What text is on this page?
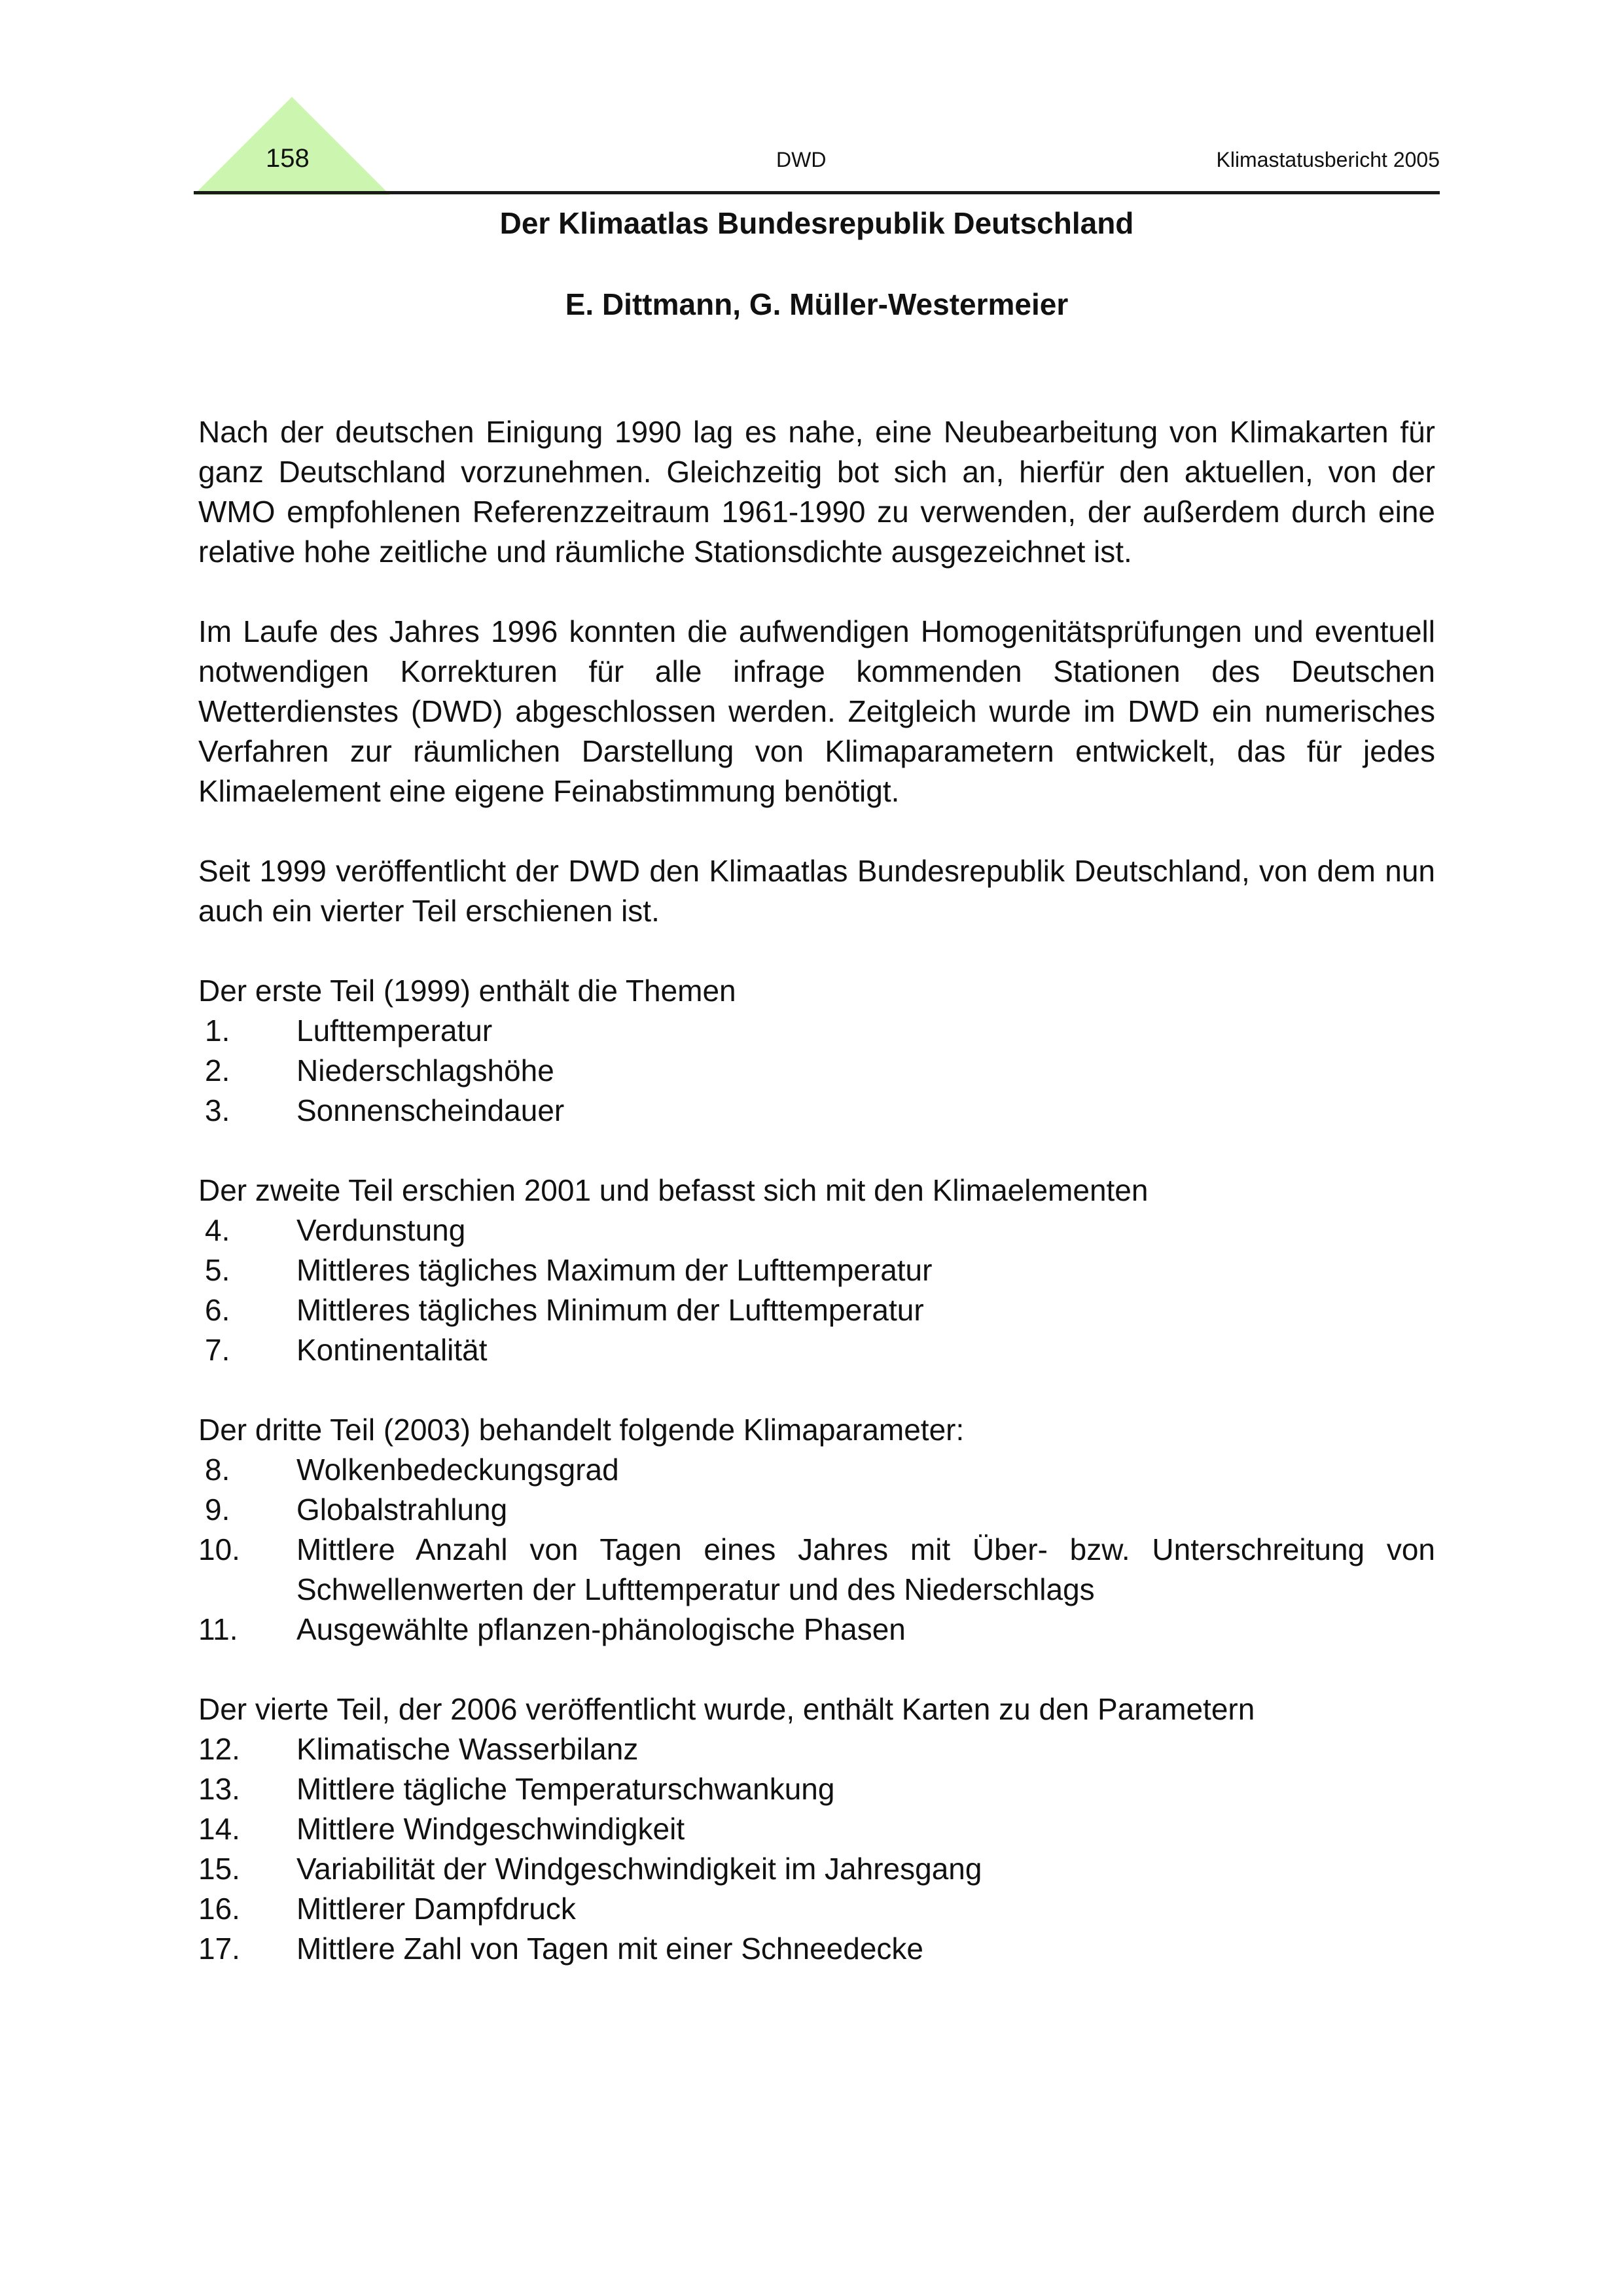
158	DWD	Klimastatusbericht 2005
Der Klimaatlas Bundesrepublik Deutschland
E. Dittmann, G. Müller-Westermeier

Nach der deutschen Einigung 1990 lag es nahe, eine Neubearbeitung von Klimakarten für ganz Deutschland vorzunehmen. Gleichzeitig bot sich an, hierfür den aktuellen, von der WMO empfohlenen Referenzzeitraum 1961-1990 zu verwenden, der außerdem durch eine relative hohe zeitliche und räumliche Stationsdichte ausgezeichnet ist.

Im Laufe des Jahres 1996 konnten die aufwendigen Homogenitätsprüfungen und eventuell notwendigen Korrekturen für alle infrage kommenden Stationen des Deutschen Wetterdienstes (DWD) abgeschlossen werden. Zeitgleich wurde im DWD ein numerisches Verfahren zur räumlichen Darstellung von Klimaparametern entwickelt, das für jedes Klimaelement eine eigene Feinabstimmung benötigt.

Seit 1999 veröffentlicht der DWD den Klimaatlas Bundesrepublik Deutschland, von dem nun auch ein vierter Teil erschienen ist.

Der erste Teil (1999) enthält die Themen

1.	Lufttemperatur
2.	Niederschlagshöhe
3.	Sonnenscheindauer

Der zweite Teil erschien 2001 und befasst sich mit den Klimaelementen

4.	Verdunstung
5.	Mittleres tägliches Maximum der Lufttemperatur
6.	Mittleres tägliches Minimum der Lufttemperatur
7.	Kontinentalität

Der dritte Teil (2003) behandelt folgende Klimaparameter:

8.	Wolkenbedeckungsgrad
9.	Globalstrahlung
10.	Mittlere Anzahl von Tagen eines Jahres mit Über- bzw. Unterschreitung von Schwellenwerten der Lufttemperatur und des Niederschlags
11.	Ausgewählte pflanzen-phänologische Phasen

Der vierte Teil, der 2006 veröffentlicht wurde, enthält Karten zu den Parametern

12.	Klimatische Wasserbilanz
13.	Mittlere tägliche Temperaturschwankung
14.	Mittlere Windgeschwindigkeit
15.	Variabilität der Windgeschwindigkeit im Jahresgang
16.	Mittlerer Dampfdruck
17.	Mittlere Zahl von Tagen mit einer Schneedecke
